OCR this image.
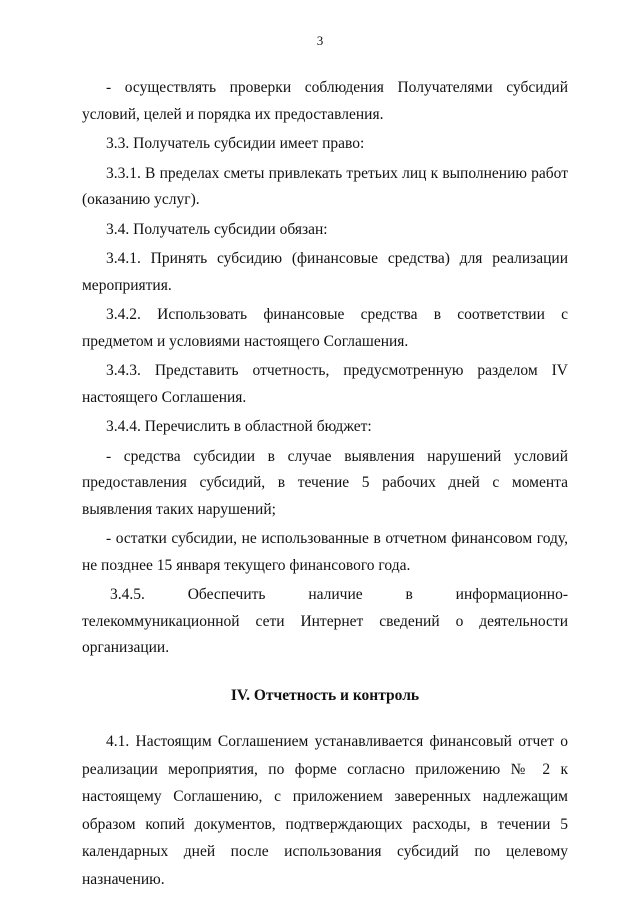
3

- осуществлять проверки соблюдения Получателями субсидий условий, целей и порядка их предоставления.

3.3. Получатель субсидии имеет право:

3.3.1. В пределах сметы привлекать третьих лиц к выполнению работ (оказанию услуг).

3.4. Получатель субсидии обязан:

3.4.1. Принять субсидию (финансовые средства) для реализации мероприятия.

3.4.2. Использовать финансовые средства в соответствии с предметом и условиями настоящего Соглашения.

3.4.3. Представить отчетность, предусмотренную разделом IV настоящего Соглашения.

3.4.4. Перечислить в областной бюджет:

- средства субсидии в случае выявления нарушений условий предоставления субсидий, в течение 5 рабочих дней с момента выявления таких нарушений;

- остатки субсидии, не использованные в отчетном финансовом году, не позднее 15 января текущего финансового года.

3.4.5. Обеспечить наличие в информационно-телекоммуникационной сети Интернет сведений о деятельности организации.

IV. Отчетность и контроль

4.1. Настоящим Соглашением устанавливается финансовый отчет о реализации мероприятия, по форме согласно приложению № 2 к настоящему Соглашению, с приложением заверенных надлежащим образом копий документов, подтверждающих расходы, в течении 5 календарных дней после использования субсидий по целевому назначению.
